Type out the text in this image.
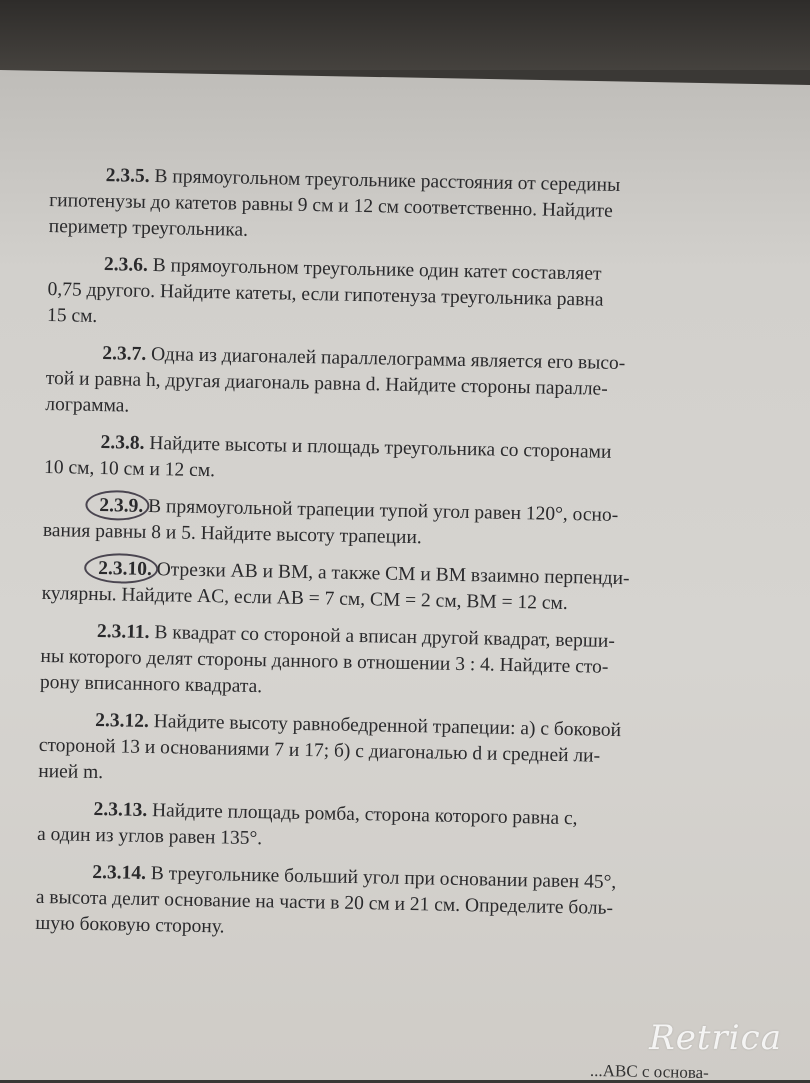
2.3.5. В прямоугольном треугольнике расстояния от середины
гипотенузы до катетов равны 9 см и 12 см соответственно. Найдите
периметр треугольника.
2.3.6. В прямоугольном треугольнике один катет составляет
0,75 другого. Найдите катеты, если гипотенуза треугольника равна
15 см.
2.3.7. Одна из диагоналей параллелограмма является его высо-
той и равна h, другая диагональ равна d. Найдите стороны паралле-
лограмма.
2.3.8. Найдите высоты и площадь треугольника со сторонами
10 см, 10 см и 12 см.
2.3.9. В прямоугольной трапеции тупой угол равен 120°, осно-
вания равны 8 и 5. Найдите высоту трапеции.
2.3.10. Отрезки AB и BM, а также CM и BM взаимно перпенди-
кулярны. Найдите AC, если AB = 7 см, CM = 2 см, BM = 12 см.
2.3.11. В квадрат со стороной a вписан другой квадрат, верши-
ны которого делят стороны данного в отношении 3 : 4. Найдите сто-
рону вписанного квадрата.
2.3.12. Найдите высоту равнобедренной трапеции: а) с боковой
стороной 13 и основаниями 7 и 17; б) с диагональю d и средней ли-
нией m.
2.3.13. Найдите площадь ромба, сторона которого равна c,
а один из углов равен 135°.
2.3.14. В треугольнике больший угол при основании равен 45°,
а высота делит основание на части в 20 см и 21 см. Определите боль-
шую боковую сторону.
...ABC с основа-
Retrica
